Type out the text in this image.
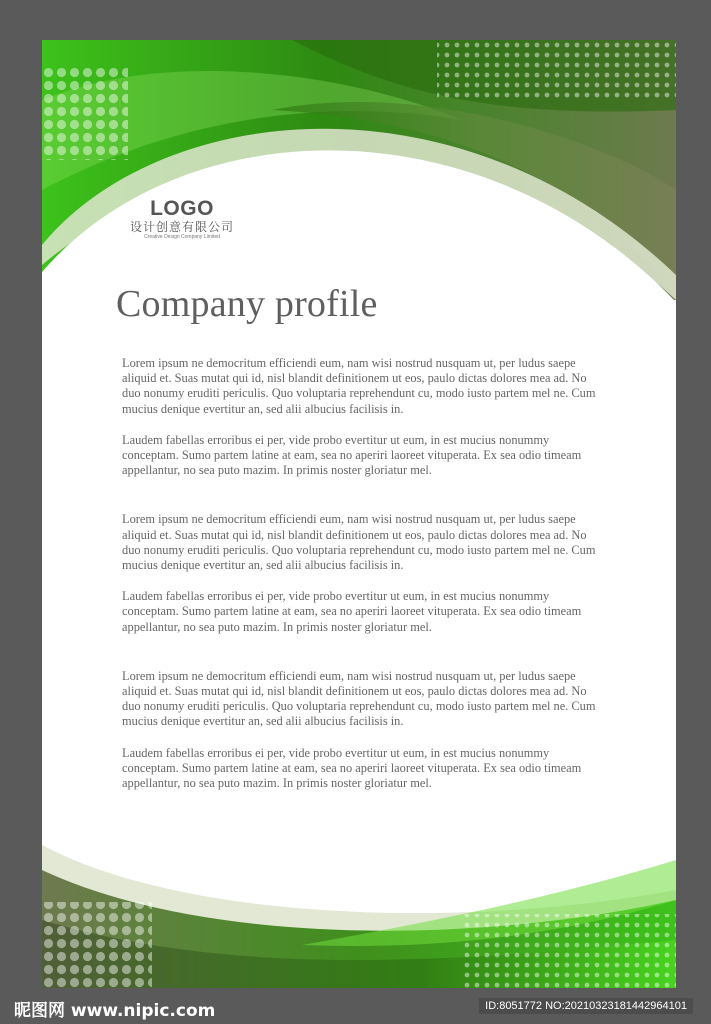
LOGO
设计创意有限公司
Creative Design Company Limited
Company profile

Lorem ipsum ne democritum efficiendi eum, nam wisi nostrud nusquam ut, per ludus saepe aliquid et. Suas mutat qui id, nisl blandit definitionem ut eos, paulo dictas dolores mea ad. No duo nonumy eruditi periculis. Quo voluptaria reprehendunt cu, modo iusto partem mel ne. Cum mucius denique evertitur an, sed alii albucius facilisis in.

Laudem fabellas erroribus ei per, vide probo evertitur ut eum, in est mucius nonummy conceptam. Sumo partem latine at eam, sea no aperiri laoreet vituperata. Ex sea odio timeam appellantur, no sea puto mazim. In primis noster gloriatur mel.

Lorem ipsum ne democritum efficiendi eum, nam wisi nostrud nusquam ut, per ludus saepe aliquid et. Suas mutat qui id, nisl blandit definitionem ut eos, paulo dictas dolores mea ad. No duo nonumy eruditi periculis. Quo voluptaria reprehendunt cu, modo iusto partem mel ne. Cum mucius denique evertitur an, sed alii albucius facilisis in.

Laudem fabellas erroribus ei per, vide probo evertitur ut eum, in est mucius nonummy conceptam. Sumo partem latine at eam, sea no aperiri laoreet vituperata. Ex sea odio timeam appellantur, no sea puto mazim. In primis noster gloriatur mel.

Lorem ipsum ne democritum efficiendi eum, nam wisi nostrud nusquam ut, per ludus saepe aliquid et. Suas mutat qui id, nisl blandit definitionem ut eos, paulo dictas dolores mea ad. No duo nonumy eruditi periculis. Quo voluptaria reprehendunt cu, modo iusto partem mel ne. Cum mucius denique evertitur an, sed alii albucius facilisis in.

Laudem fabellas erroribus ei per, vide probo evertitur ut eum, in est mucius nonummy conceptam. Sumo partem latine at eam, sea no aperiri laoreet vituperata. Ex sea odio timeam appellantur, no sea puto mazim. In primis noster gloriatur mel.

昵图网 www.nipic.com	ID:8051772 NO:20210323181442964101
